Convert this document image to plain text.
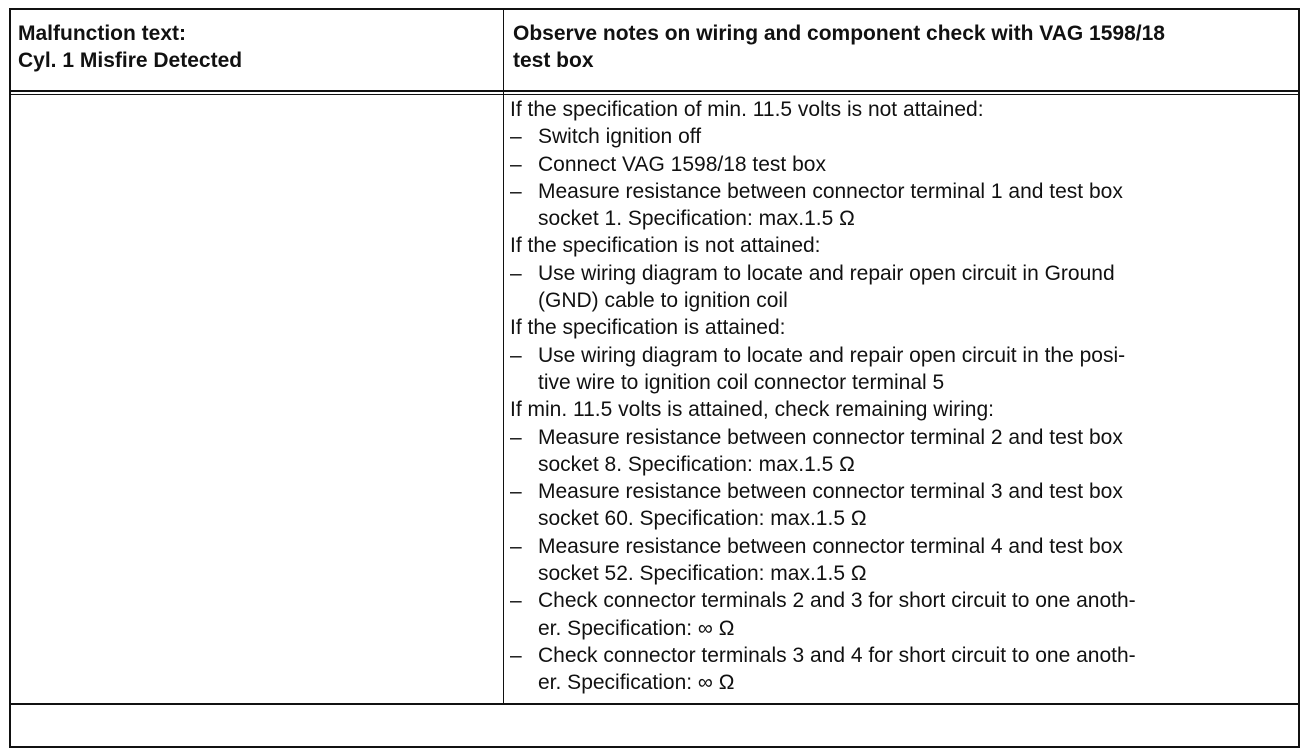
Malfunction text:
Cyl. 1 Misfire Detected
Observe notes on wiring and component check with VAG 1598/18
test box
If the specification of min. 11.5 volts is not attained:
– Switch ignition off
– Connect VAG 1598/18 test box
– Measure resistance between connector terminal 1 and test box
socket 1. Specification: max.1.5 Ω
If the specification is not attained:
– Use wiring diagram to locate and repair open circuit in Ground
(GND) cable to ignition coil
If the specification is attained:
– Use wiring diagram to locate and repair open circuit in the posi-
tive wire to ignition coil connector terminal 5
If min. 11.5 volts is attained, check remaining wiring:
– Measure resistance between connector terminal 2 and test box
socket 8. Specification: max.1.5 Ω
– Measure resistance between connector terminal 3 and test box
socket 60. Specification: max.1.5 Ω
– Measure resistance between connector terminal 4 and test box
socket 52. Specification: max.1.5 Ω
– Check connector terminals 2 and 3 for short circuit to one anoth-
er. Specification: ∞ Ω
– Check connector terminals 3 and 4 for short circuit to one anoth-
er. Specification: ∞ Ω
